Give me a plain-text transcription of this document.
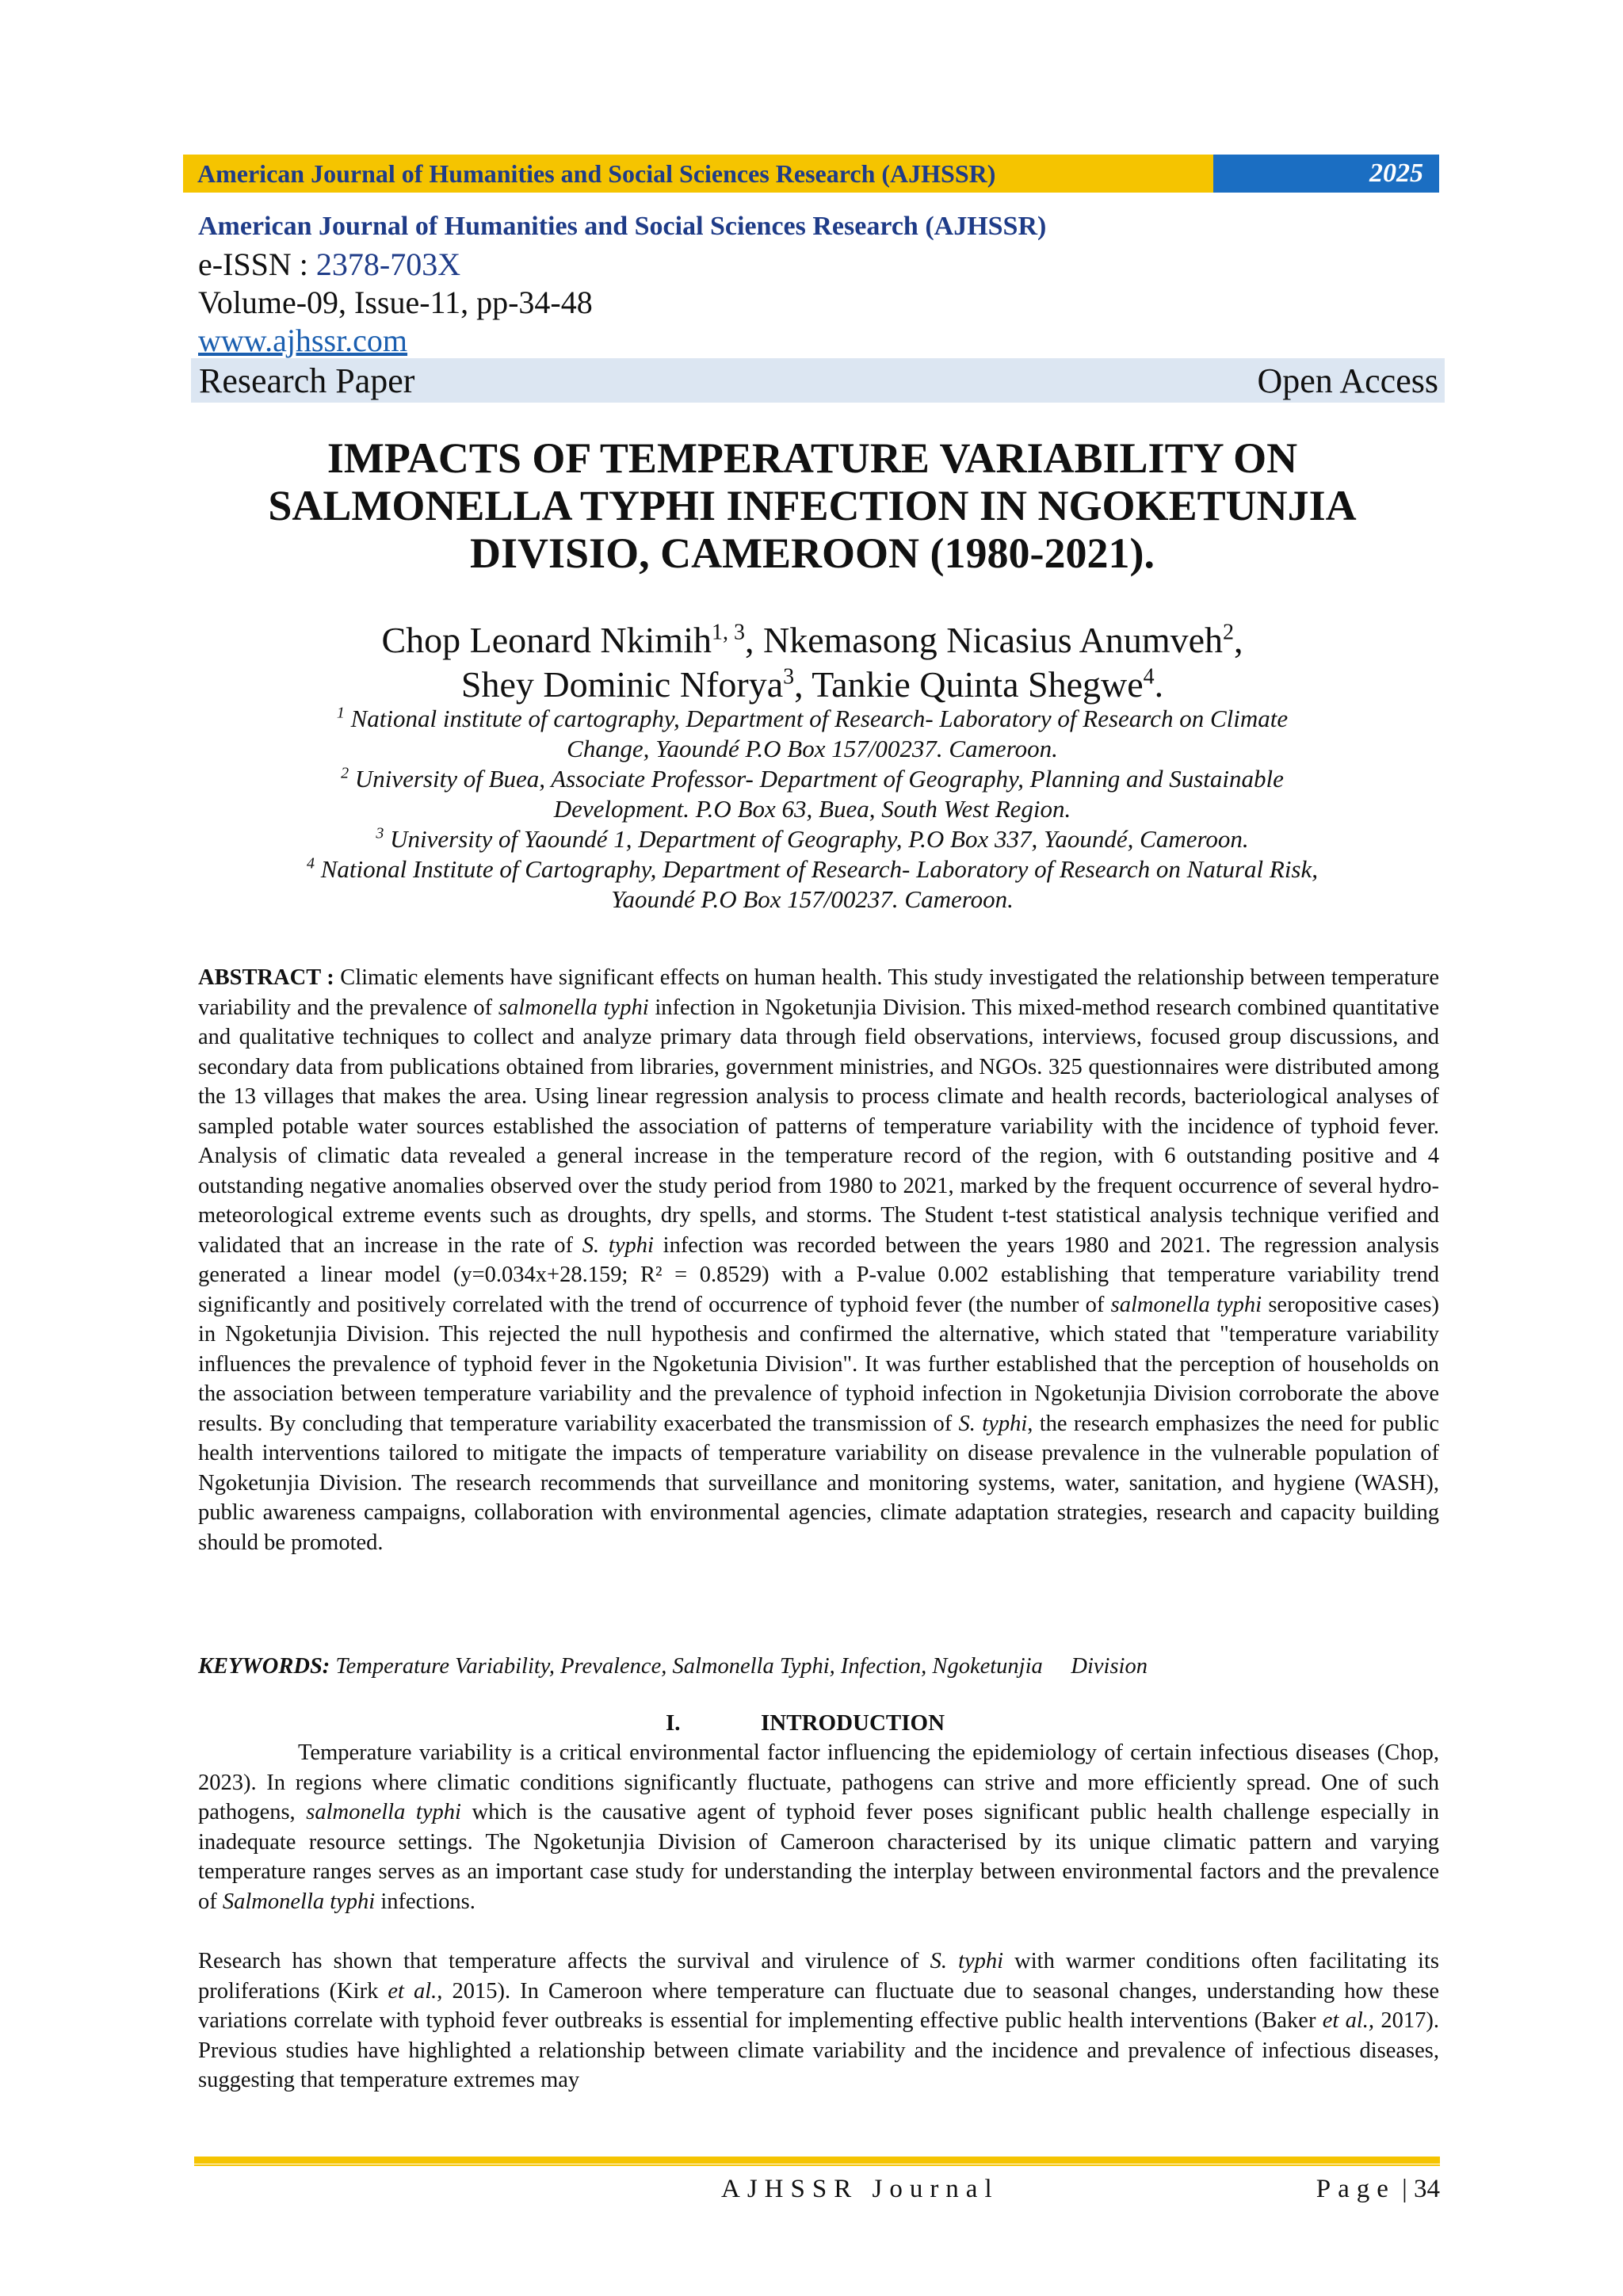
American Journal of Humanities and Social Sciences Research (AJHSSR)	2025
American Journal of Humanities and Social Sciences Research (AJHSSR)
e-ISSN : 2378-703X
Volume-09, Issue-11, pp-34-48
www.ajhssr.com
Research Paper	Open Access
IMPACTS OF TEMPERATURE VARIABILITY ON
SALMONELLA TYPHI INFECTION IN NGOKETUNJIA
DIVISIO, CAMEROON (1980-2021).
Chop Leonard Nkimih$^{1, 3}$, Nkemasong Nicasius Anumveh$^2$,
Shey Dominic Nforya$^3$, Tankie Quinta Shegwe$^4$.
$^1$ National institute of cartography, Department of Research- Laboratory of Research on Climate
Change, Yaoundé P.O Box 157/00237. Cameroon.
$^2$ University of Buea, Associate Professor- Department of Geography, Planning and Sustainable
Development. P.O Box 63, Buea, South West Region.
$^3$ University of Yaoundé 1, Department of Geography, P.O Box 337, Yaoundé, Cameroon.
$^4$ National Institute of Cartography, Department of Research- Laboratory of Research on Natural Risk,
Yaoundé P.O Box 157/00237. Cameroon.
ABSTRACT : Climatic elements have significant effects on human health. This study investigated the relationship between temperature variability and the prevalence of salmonella typhi infection in Ngoketunjia Division. This mixed-method research combined quantitative and qualitative techniques to collect and analyze primary data through field observations, interviews, focused group discussions, and secondary data from publications obtained from libraries, government ministries, and NGOs. 325 questionnaires were distributed among the 13 villages that makes the area. Using linear regression analysis to process climate and health records, bacteriological analyses of sampled potable water sources established the association of patterns of temperature variability with the incidence of typhoid fever. Analysis of climatic data revealed a general increase in the temperature record of the region, with 6 outstanding positive and 4 outstanding negative anomalies observed over the study period from 1980 to 2021, marked by the frequent occurrence of several hydro-meteorological extreme events such as droughts, dry spells, and storms. The Student t-test statistical analysis technique verified and validated that an increase in the rate of S. typhi infection was recorded between the years 1980 and 2021. The regression analysis generated a linear model (y=0.034x+28.159; R² = 0.8529) with a P-value 0.002 establishing that temperature variability trend significantly and positively correlated with the trend of occurrence of typhoid fever (the number of salmonella typhi seropositive cases) in Ngoketunjia Division. This rejected the null hypothesis and confirmed the alternative, which stated that "temperature variability influences the prevalence of typhoid fever in the Ngoketunia Division". It was further established that the perception of households on the association between temperature variability and the prevalence of typhoid infection in Ngoketunjia Division corroborate the above results. By concluding that temperature variability exacerbated the transmission of S. typhi, the research emphasizes the need for public health interventions tailored to mitigate the impacts of temperature variability on disease prevalence in the vulnerable population of Ngoketunjia Division. The research recommends that surveillance and monitoring systems, water, sanitation, and hygiene (WASH), public awareness campaigns, collaboration with environmental agencies, climate adaptation strategies, research and capacity building should be promoted.
KEYWORDS: Temperature Variability, Prevalence, Salmonella Typhi, Infection, Ngoketunjia     Division
I.	INTRODUCTION
Temperature variability is a critical environmental factor influencing the epidemiology of certain infectious diseases (Chop, 2023). In regions where climatic conditions significantly fluctuate, pathogens can strive and more efficiently spread. One of such pathogens, salmonella typhi which is the causative agent of typhoid fever poses significant public health challenge especially in inadequate resource settings. The Ngoketunjia Division of Cameroon characterised by its unique climatic pattern and varying temperature ranges serves as an important case study for understanding the interplay between environmental factors and the prevalence of Salmonella typhi infections.
Research has shown that temperature affects the survival and virulence of S. typhi with warmer conditions often facilitating its proliferations (Kirk et al., 2015). In Cameroon where temperature can fluctuate due to seasonal changes, understanding how these variations correlate with typhoid fever outbreaks is essential for implementing effective public health interventions (Baker et al., 2017).  Previous studies have highlighted a relationship between climate variability and the incidence and prevalence of infectious diseases, suggesting that temperature extremes may
AJHSSR Journal	Page | 34
